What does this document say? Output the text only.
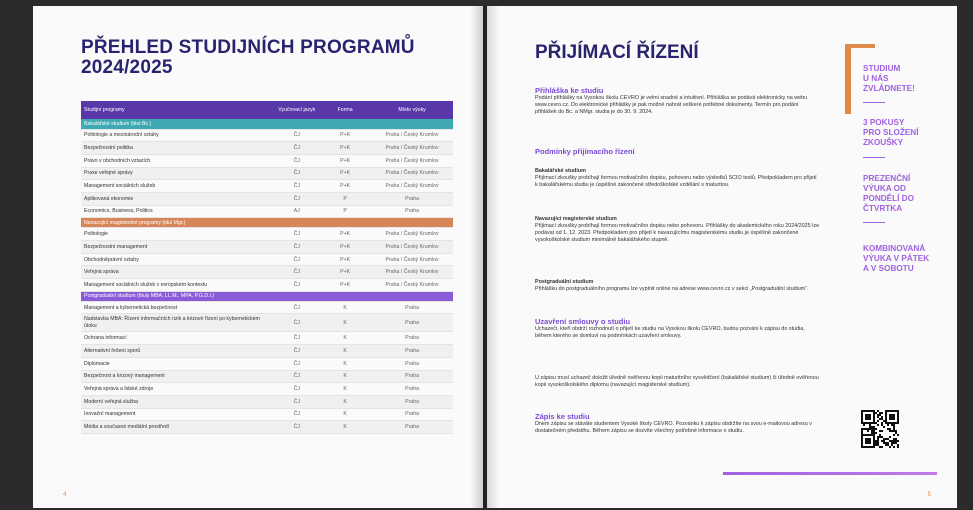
PŘEHLED STUDIJNÍCH PROGRAMŮ
2024/2025
Studijní programy	Vyučovací jazyk	Forma	Místo výuky
Bakalářské studium (titul Bc.)			
Politologie a mezinárodní vztahy	ČJ	P+K	Praha / Český Krumlov
Bezpečnostní politika	ČJ	P+K	Praha / Český Krumlov
Právo v obchodních vztazích	ČJ	P+K	Praha / Český Krumlov
Praxe veřejné správy	ČJ	P+K	Praha / Český Krumlov
Management sociálních služeb	ČJ	P+K	Praha / Český Krumlov
Aplikovaná ekonomie	ČJ	P	Praha
Economics, Business, Politics	AJ	P	Praha
Navazující magisterské programy (titul Mgr.)			
Politologie	ČJ	P+K	Praha / Český Krumlov
Bezpečnostní management	ČJ	P+K	Praha / Český Krumlov
Obchodněprávní vztahy	ČJ	P+K	Praha / Český Krumlov
Veřejná správa	ČJ	P+K	Praha / Český Krumlov
Management sociálních služeb v evropském kontextu	ČJ	P+K	Praha / Český Krumlov
Postgraduální studium (tituly MBA, LL.M., MPA, P.G.D.I.)			
Management a kybernetická bezpečnost	ČJ	K	Praha
Nadstavba MBA: Řízení informačních rizik a krizové řízení po kybernetickém útoku	ČJ	K	Praha
Ochrana informací	ČJ	K	Praha
Alternativní řešení sporů	ČJ	K	Praha
Diplomacie	ČJ	K	Praha
Bezpečnost a krizový management	ČJ	K	Praha
Veřejná správa a lidské zdroje	ČJ	K	Praha
Moderní veřejná služba	ČJ	K	Praha
Inovační management	ČJ	K	Praha
Média a současné mediální prostředí	ČJ	K	Praha
4
PŘIJÍMACÍ ŘÍZENÍ
Přihláška ke studiu
Podání přihlášky na Vysokou školu CEVRO je velmi snadné a intuitivní. Přihláška se podává elektronicky na webu www.cevro.cz. Do elektronické přihlášky je pak možné nahrát veškeré potřebné dokumenty. Termín pro podání přihlášek do Bc. a NMgr. studia je do 30. 9. 2024.
Podmínky přijímacího řízení
Bakalářské studium
Přijímací zkoušky probíhají formou motivačního dopisu, pohovoru nebo výsledků SCIO testů. Předpokladem pro přijetí k bakalářskému studiu je úspěšné zakončené středoškolské vzdělání s maturitou.
Navazující magisterské studium
Přijímací zkoušky probíhají formou motivačního dopisu nebo pohovoru. Přihlášky do akademického roku 2024/2025 lze podávat od 1. 12. 2023. Předpokladem pro přijetí k navazujícímu magisterskému studiu je úspěšně zakončené vysokoškolské studium minimálně bakalářského stupně.
Postgraduální studium
Přihlášku do postgraduálního programu lze vyplnit online na adrese www.cevro.cz v sekci „Postgraduální studium“.
Uzavření smlouvy o studiu
Uchazeči, kteří obdrží rozhodnutí o přijetí ke studiu na Vysokou školu CEVRO, budou pozváni k zápisu do studia, během kterého se domluví na podmínkách uzavření smlouvy.
U zápisu musí uchazeč doložit úředně ověřenou kopii maturitního vysvědčení (bakalářské studium) či úředně ověřenou kopii vysokoškolského diplomu (navazující magisterské studium).
Zápis ke studiu
Dnem zápisu se stáváte studentem Vysoké školy CEVRO. Pozvánku k zápisu obdržíte na svou e-mailovou adresu v dostatečném předstihu. Během zápisu se dozvíte všechny potřebné informace o studiu.
STUDIUM
U NÁS
ZVLÁDNETE!
3 POKUSY
PRO SLOŽENÍ
ZKOUŠKY
PREZENČNÍ
VÝUKA OD
PONDĚLÍ DO
ČTVRTKA
KOMBINOVANÁ
VÝUKA V PÁTEK
A V SOBOTU
5
